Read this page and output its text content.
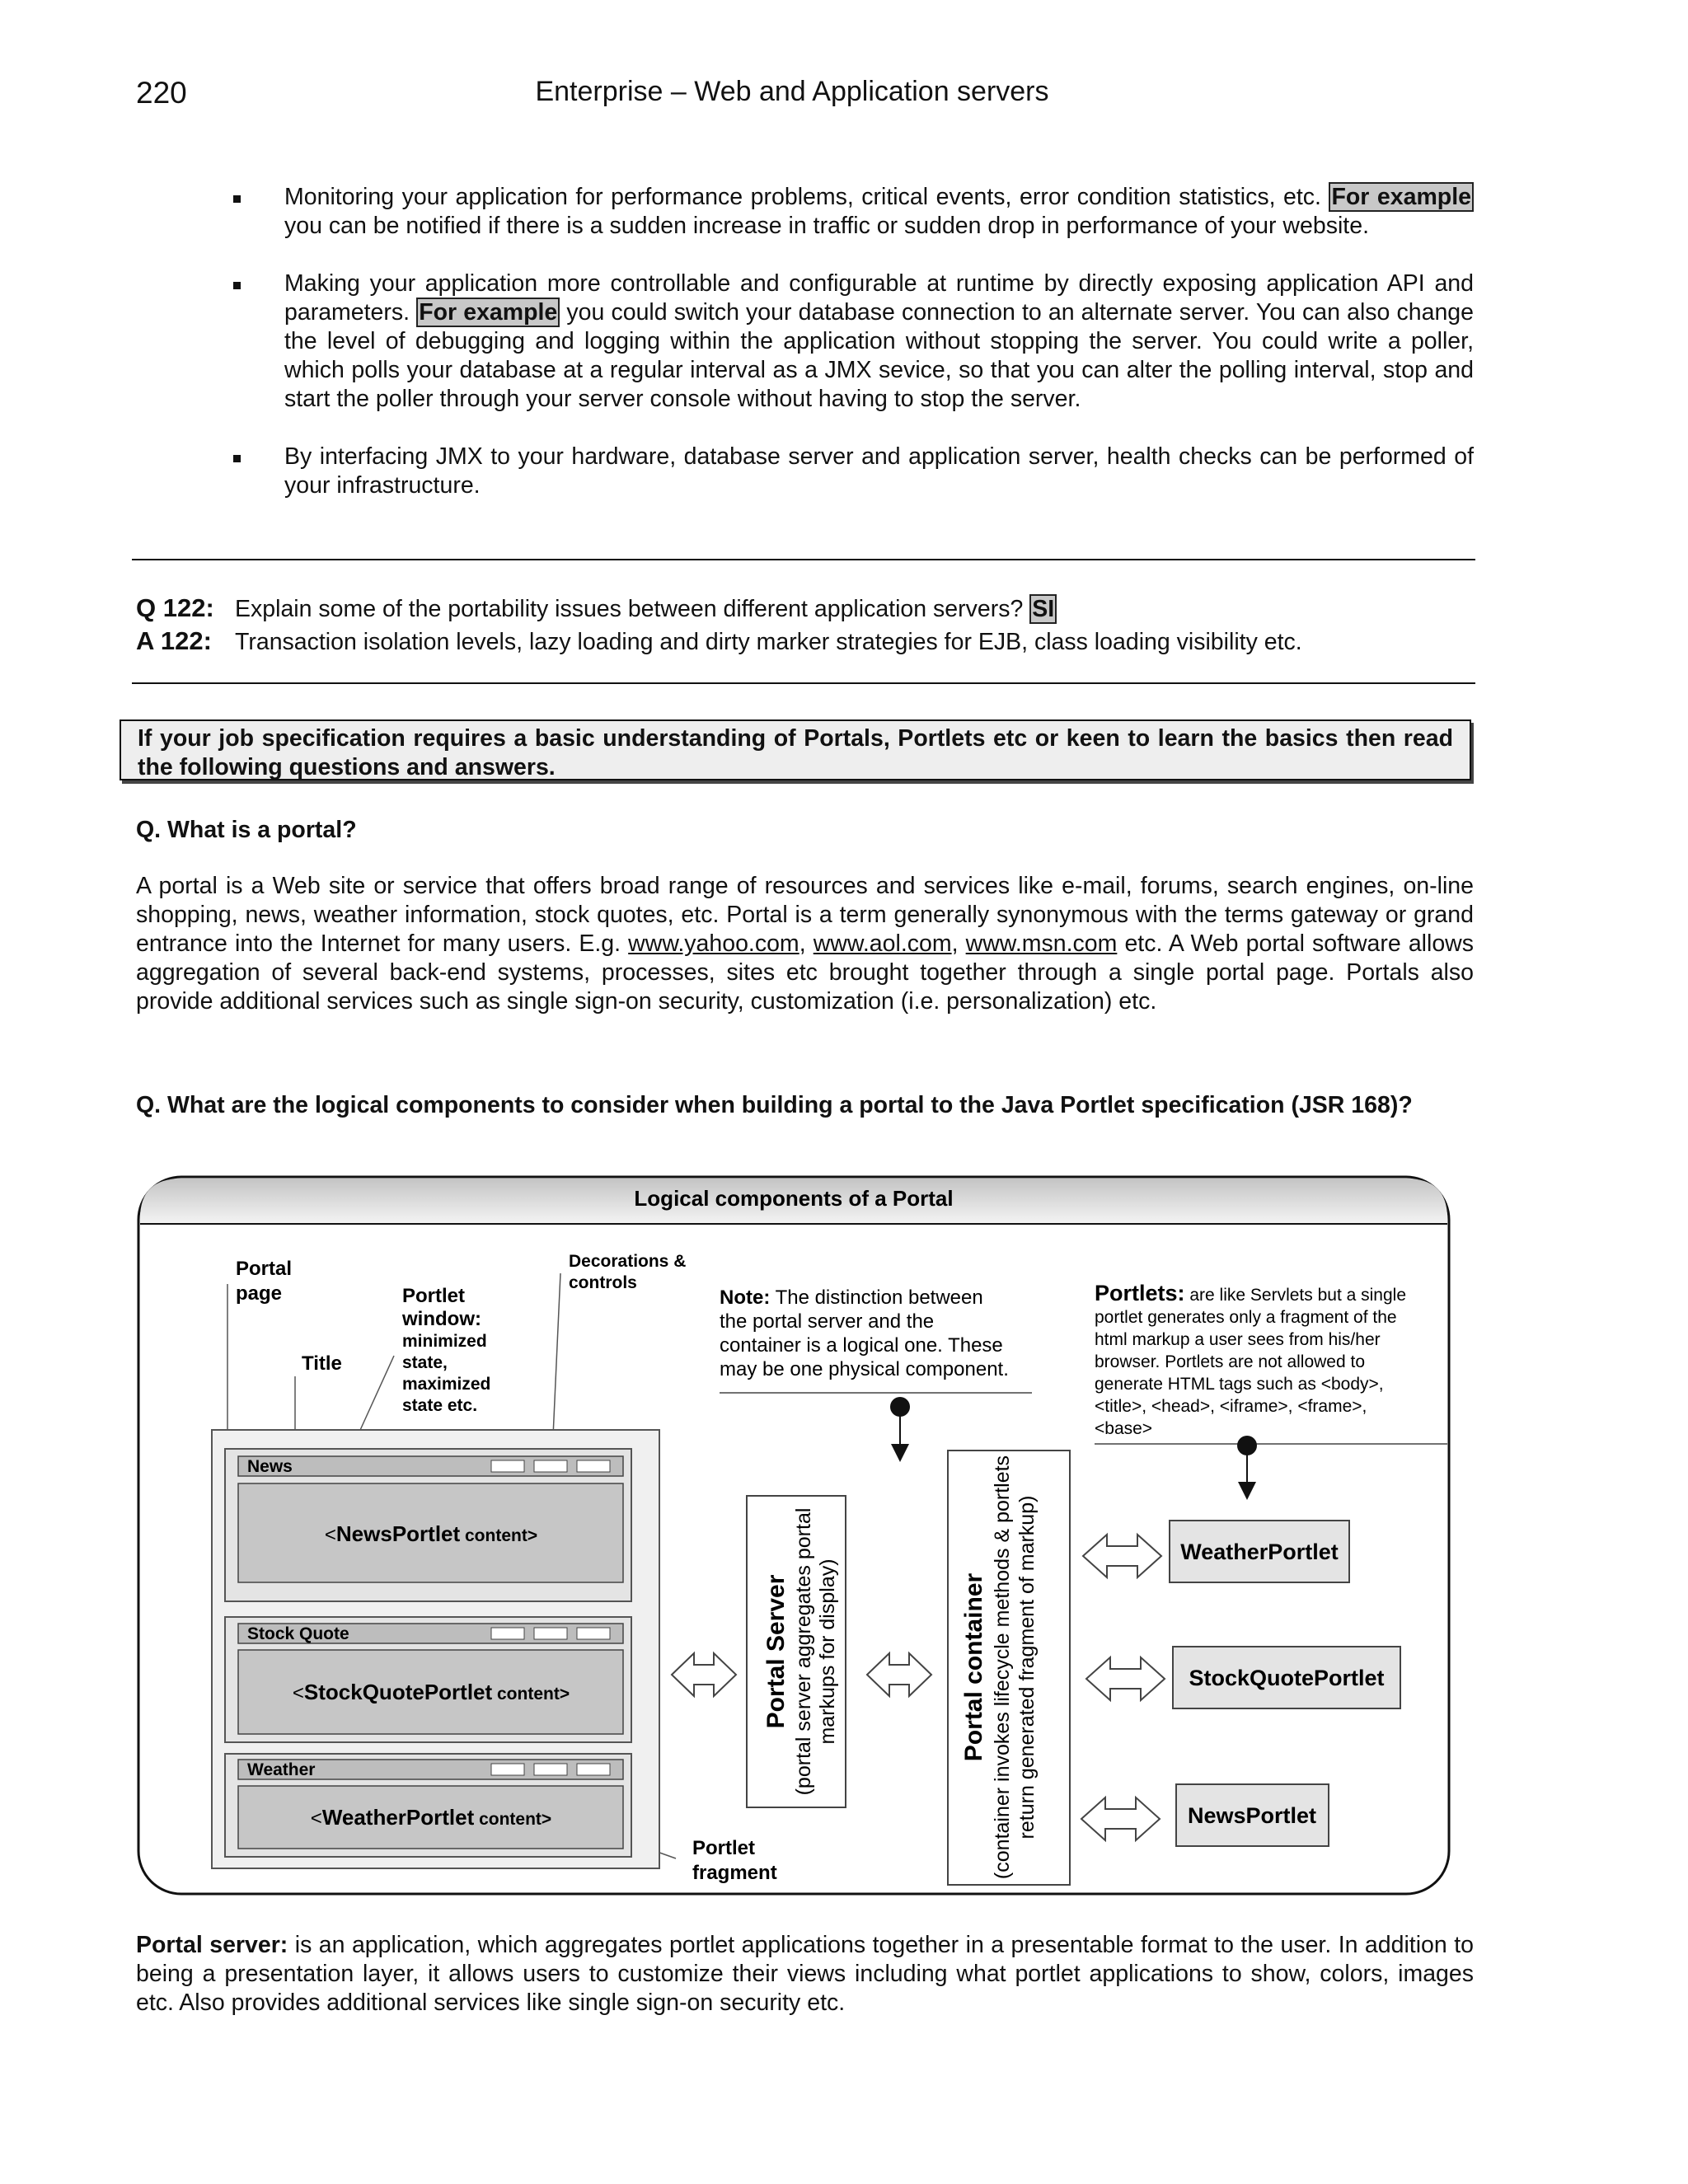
220	Enterprise – Web and Application servers
Monitoring your application for performance problems, critical events, error condition statistics, etc. For example you can be notified if there is a sudden increase in traffic or sudden drop in performance of your website.
Making your application more controllable and configurable at runtime by directly exposing application API and parameters. For example you could switch your database connection to an alternate server. You can also change the level of debugging and logging within the application without stopping the server. You could write a poller, which polls your database at a regular interval as a JMX sevice, so that you can alter the polling interval, stop and start the poller through your server console without having to stop the server.
By interfacing JMX to your hardware, database server and application server, health checks can be performed of your infrastructure.
Q 122: Explain some of the portability issues between different application servers? SI
A 122: Transaction isolation levels, lazy loading and dirty marker strategies for EJB, class loading visibility etc.
If your job specification requires a basic understanding of Portals, Portlets etc or keen to learn the basics then read the following questions and answers.
Q. What is a portal?
A portal is a Web site or service that offers broad range of resources and services like e-mail, forums, search engines, on-line shopping, news, weather information, stock quotes, etc. Portal is a term generally synonymous with the terms gateway or grand entrance into the Internet for many users. E.g. www.yahoo.com, www.aol.com, www.msn.com etc. A Web portal software allows aggregation of several back-end systems, processes, sites etc brought together through a single portal page. Portals also provide additional services such as single sign-on security, customization (i.e. personalization) etc.
Q. What are the logical components to consider when building a portal to the Java Portlet specification (JSR 168)?
Logical components of a Portal
Portal
page
Title
Portlet
window:
minimized
state,
maximized
state etc.
Decorations &
controls
News
<NewsPortlet content>
Stock Quote
<StockQuotePortlet content>
Weather
<WeatherPortlet content>
Portlet
fragment
Portal Server (portal server aggregates portal markups for display)	Portal container (container invokes lifecycle methods & portlets return generated fragment of markup)
Note: The distinction between
the portal server and the
container is a logical one. These
may be one physical component.
Portlets: are like Servlets but a single
portlet generates only a fragment of the
html markup a user sees from his/her
browser. Portlets are not allowed to
generate HTML tags such as <body>,
<title>, <head>, <iframe>, <frame>,
<base>
WeatherPortlet
StockQuotePortlet
NewsPortlet
Portal server: is an application, which aggregates portlet applications together in a presentable format to the user. In addition to being a presentation layer, it allows users to customize their views including what portlet applications to show, colors, images etc. Also provides additional services like single sign-on security etc.
